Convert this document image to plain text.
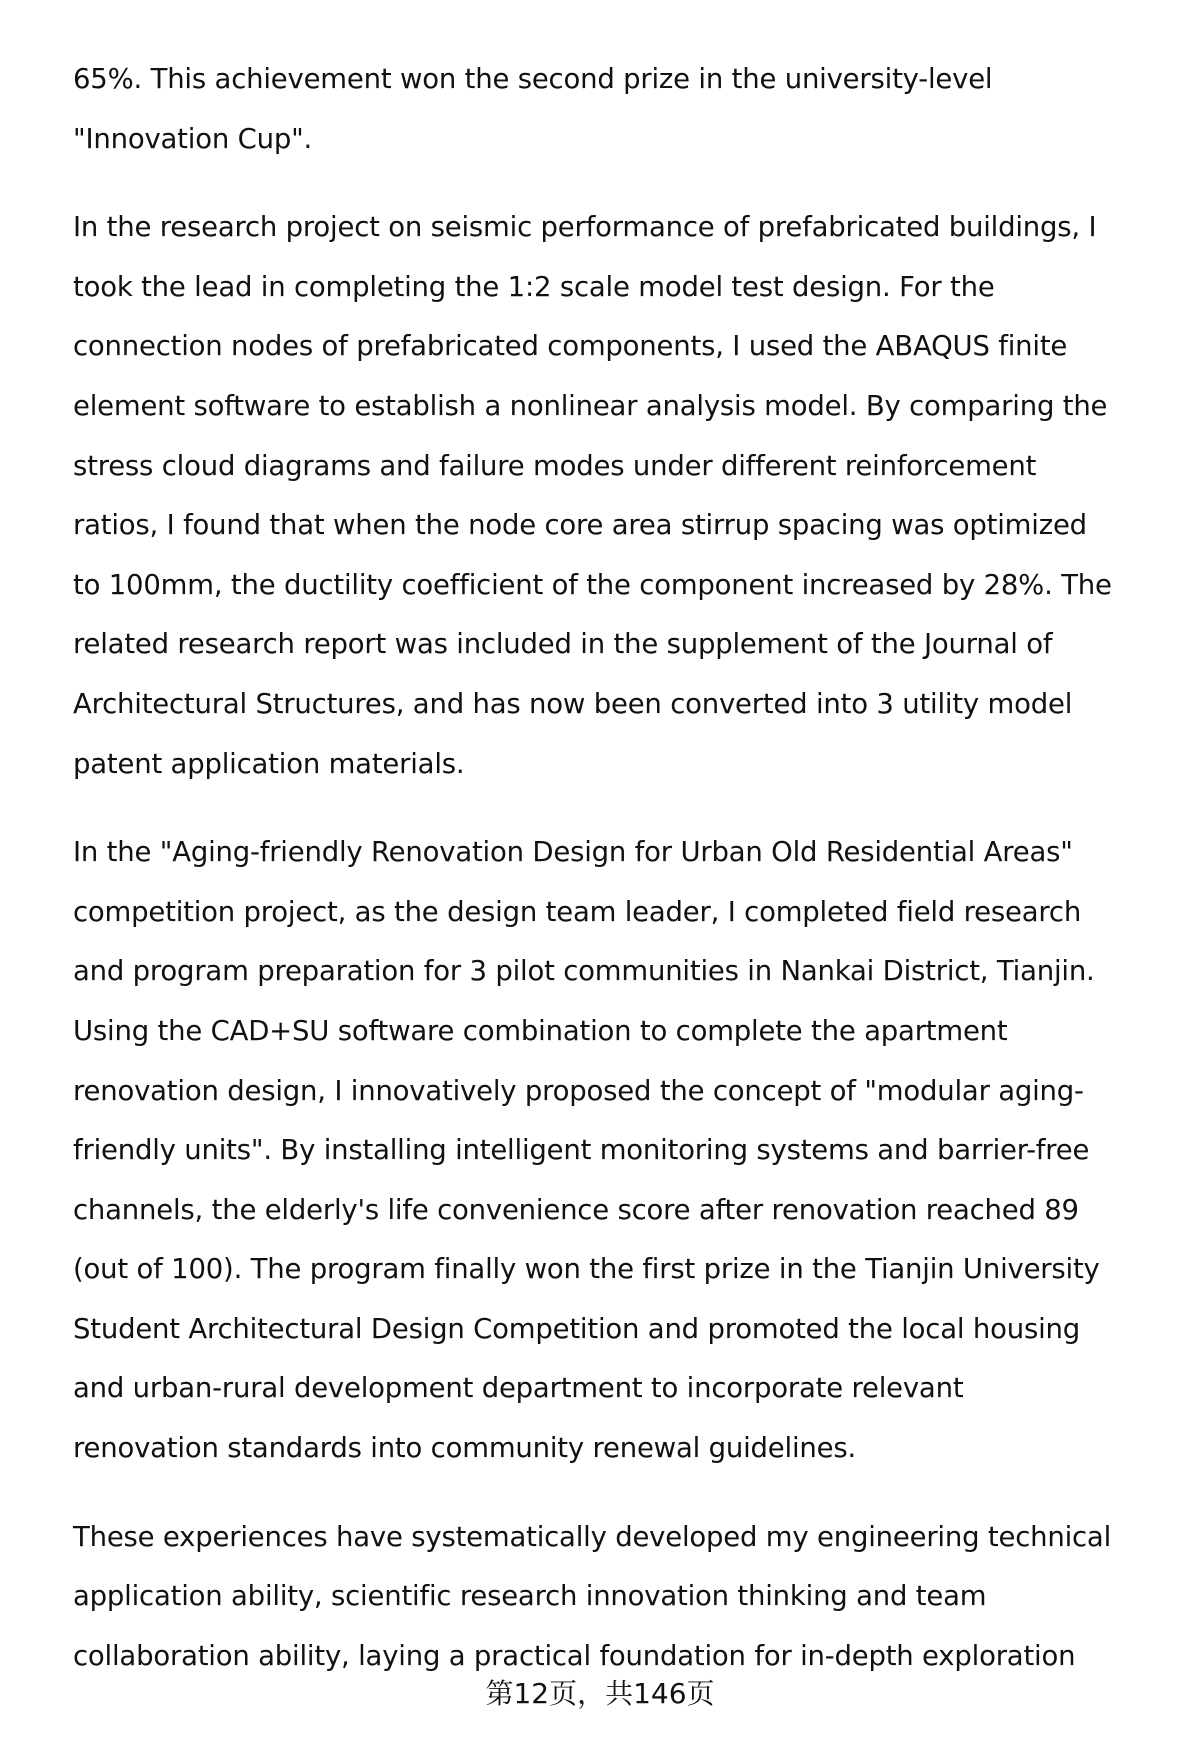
65%. This achievement won the second prize in the university-level
"Innovation Cup".

In the research project on seismic performance of prefabricated buildings, I
took the lead in completing the 1:2 scale model test design. For the
connection nodes of prefabricated components, I used the ABAQUS finite
element software to establish a nonlinear analysis model. By comparing the
stress cloud diagrams and failure modes under different reinforcement
ratios, I found that when the node core area stirrup spacing was optimized
to 100mm, the ductility coefficient of the component increased by 28%. The
related research report was included in the supplement of the Journal of
Architectural Structures, and has now been converted into 3 utility model
patent application materials.

In the "Aging-friendly Renovation Design for Urban Old Residential Areas"
competition project, as the design team leader, I completed field research
and program preparation for 3 pilot communities in Nankai District, Tianjin.
Using the CAD+SU software combination to complete the apartment
renovation design, I innovatively proposed the concept of "modular aging-
friendly units". By installing intelligent monitoring systems and barrier-free
channels, the elderly's life convenience score after renovation reached 89
(out of 100). The program finally won the first prize in the Tianjin University
Student Architectural Design Competition and promoted the local housing
and urban-rural development department to incorporate relevant
renovation standards into community renewal guidelines.

These experiences have systematically developed my engineering technical
application ability, scientific research innovation thinking and team
collaboration ability, laying a practical foundation for in-depth exploration

第12页，共146页
